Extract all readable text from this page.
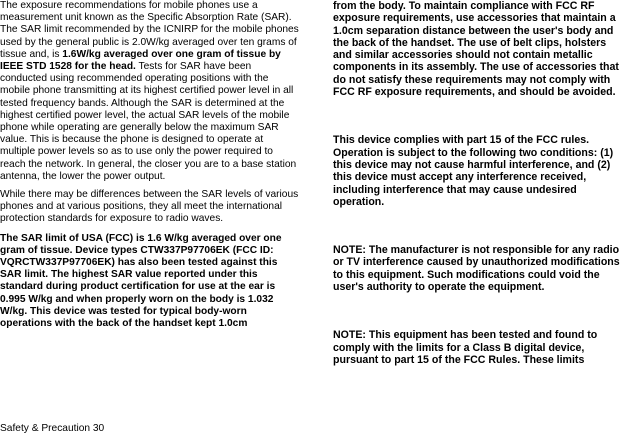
The exposure recommendations for mobile phones use a measurement unit known as the Specific Absorption Rate (SAR). The SAR limit recommended by the ICNIRP for the mobile phones used by the general public is 2.0W/kg averaged over ten grams of tissue and, is 1.6W/kg averaged over one gram of tissue by IEEE STD 1528 for the head. Tests for SAR have been conducted using recommended operating positions with the mobile phone transmitting at its highest certified power level in all tested frequency bands. Although the SAR is determined at the highest certified power level, the actual SAR levels of the mobile phone while operating are generally below the maximum SAR value. This is because the phone is designed to operate at multiple power levels so as to use only the power required to reach the network. In general, the closer you are to a base station antenna, the lower the power output.

While there may be differences between the SAR levels of various phones and at various positions, they all meet the international protection standards for exposure to radio waves.

The SAR limit of USA (FCC) is 1.6 W/kg averaged over one gram of tissue. Device types CTW337P97706EK (FCC ID: VQRCTW337P97706EK) has also been tested against this SAR limit. The highest SAR value reported under this standard during product certification for use at the ear is 0.995 W/kg and when properly worn on the body is 1.032 W/kg. This device was tested for typical body-worn operations with the back of the handset kept 1.0cm

from the body. To maintain compliance with FCC RF exposure requirements, use accessories that maintain a 1.0cm separation distance between the user's body and the back of the handset. The use of belt clips, holsters and similar accessories should not contain metallic components in its assembly. The use of accessories that do not satisfy these requirements may not comply with FCC RF exposure requirements, and should be avoided.

This device complies with part 15 of the FCC rules. Operation is subject to the following two conditions: (1) this device may not cause harmful interference, and (2) this device must accept any interference received, including interference that may cause undesired operation.

NOTE: The manufacturer is not responsible for any radio or TV interference caused by unauthorized modifications to this equipment. Such modifications could void the user's authority to operate the equipment.

NOTE: This equipment has been tested and found to comply with the limits for a Class B digital device, pursuant to part 15 of the FCC Rules. These limits

Safety & Precaution 30
